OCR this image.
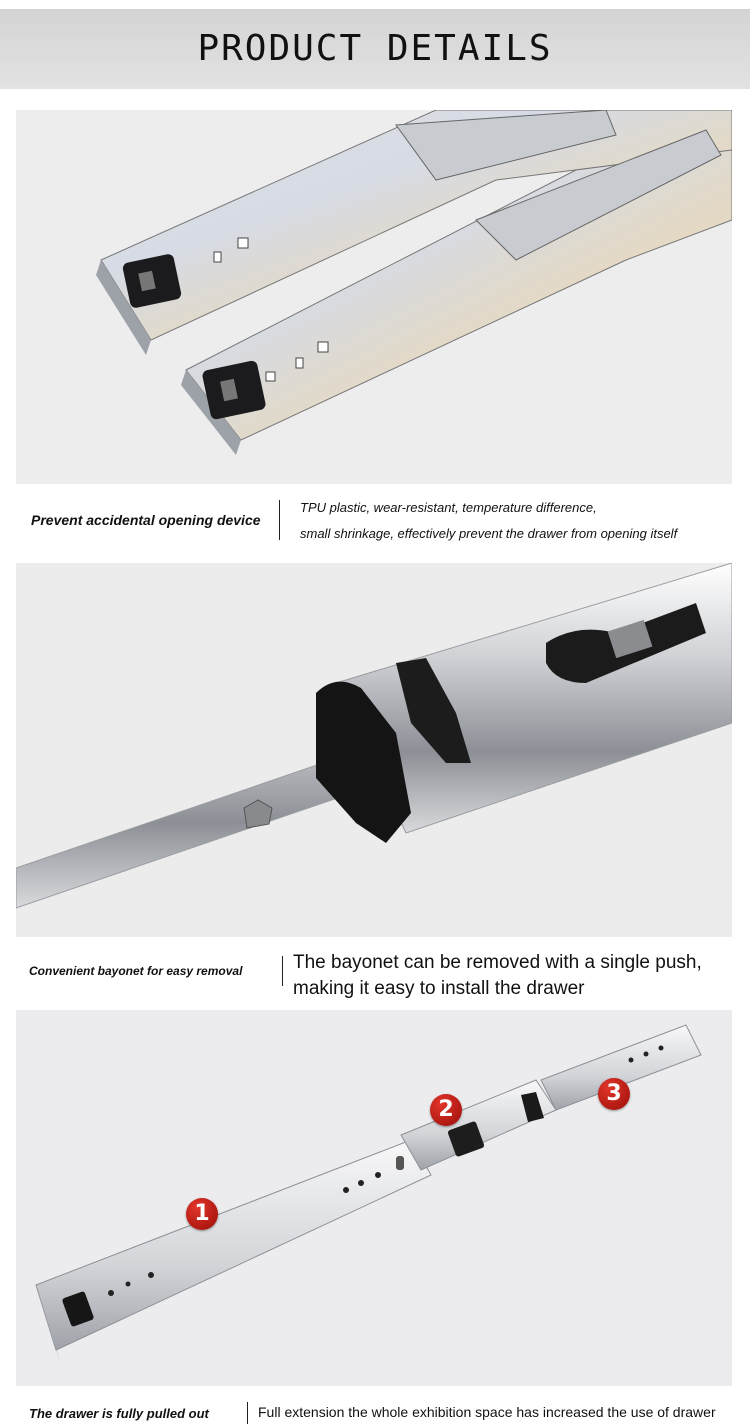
PRODUCT DETAILS
Prevent accidental opening device
TPU plastic, wear-resistant, temperature difference,
small shrinkage, effectively prevent the drawer from opening itself
Convenient bayonet for easy removal	The bayonet can be removed with a single push,
making it easy to install the drawer
1
2
3
The drawer is fully pulled out	Full extension the whole exhibition space has increased the use of drawer
